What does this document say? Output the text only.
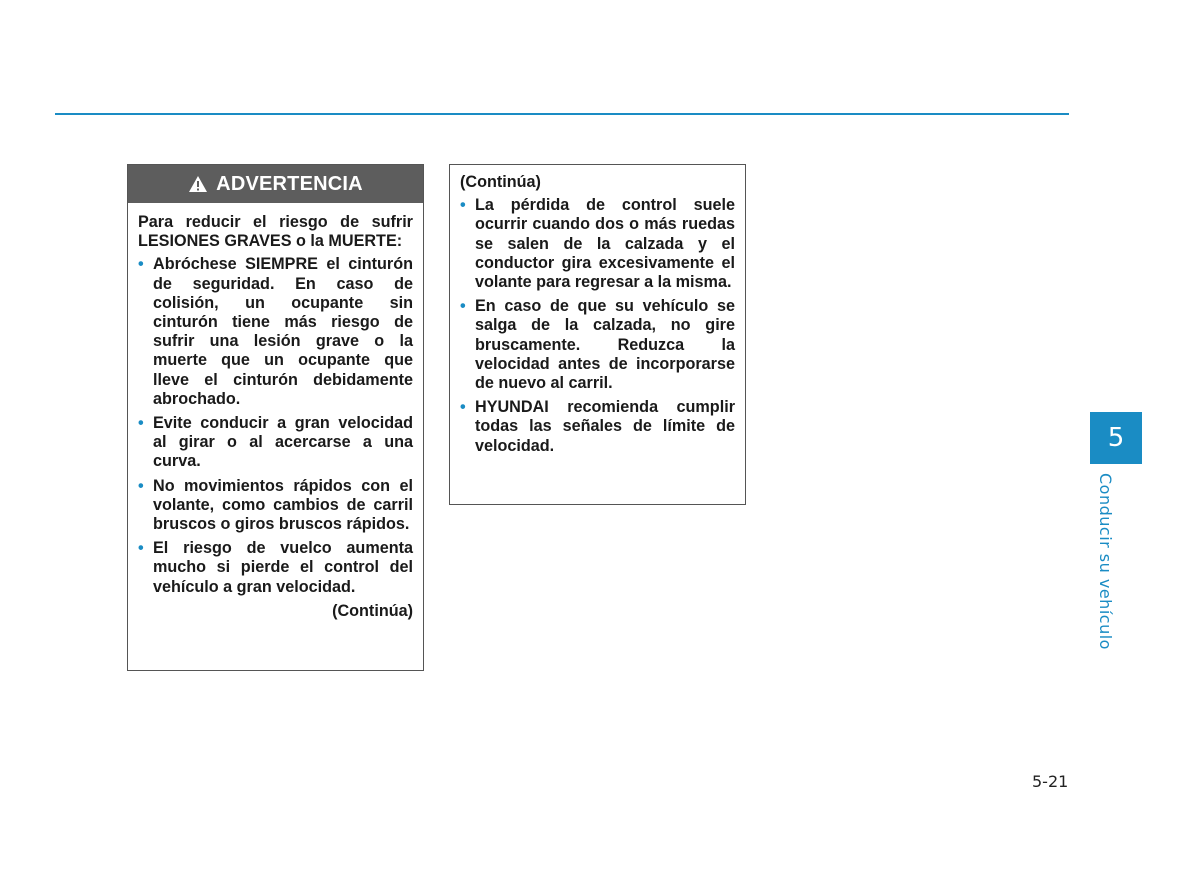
ADVERTENCIA

Para reducir el riesgo de sufrir LESIONES GRAVES o la MUERTE:

• Abróchese SIEMPRE el cinturón de seguridad. En caso de colisión, un ocupante sin cinturón tiene más riesgo de sufrir una lesión grave o la muerte que un ocupante que lleve el cinturón debidamente abrochado.
• Evite conducir a gran velocidad al girar o al acercarse a una curva.
• No movimientos rápidos con el volante, como cambios de carril bruscos o giros bruscos rápidos.
• El riesgo de vuelco aumenta mucho si pierde el control del vehículo a gran velocidad.
(Continúa)
(Continúa)
• La pérdida de control suele ocurrir cuando dos o más ruedas se salen de la calzada y el conductor gira excesivamente el volante para regresar a la misma.
• En caso de que su vehículo se salga de la calzada, no gire bruscamente. Reduzca la velocidad antes de incorporarse de nuevo al carril.
• HYUNDAI recomienda cumplir todas las señales de límite de velocidad.	5
Conducir su vehículo
5-21
